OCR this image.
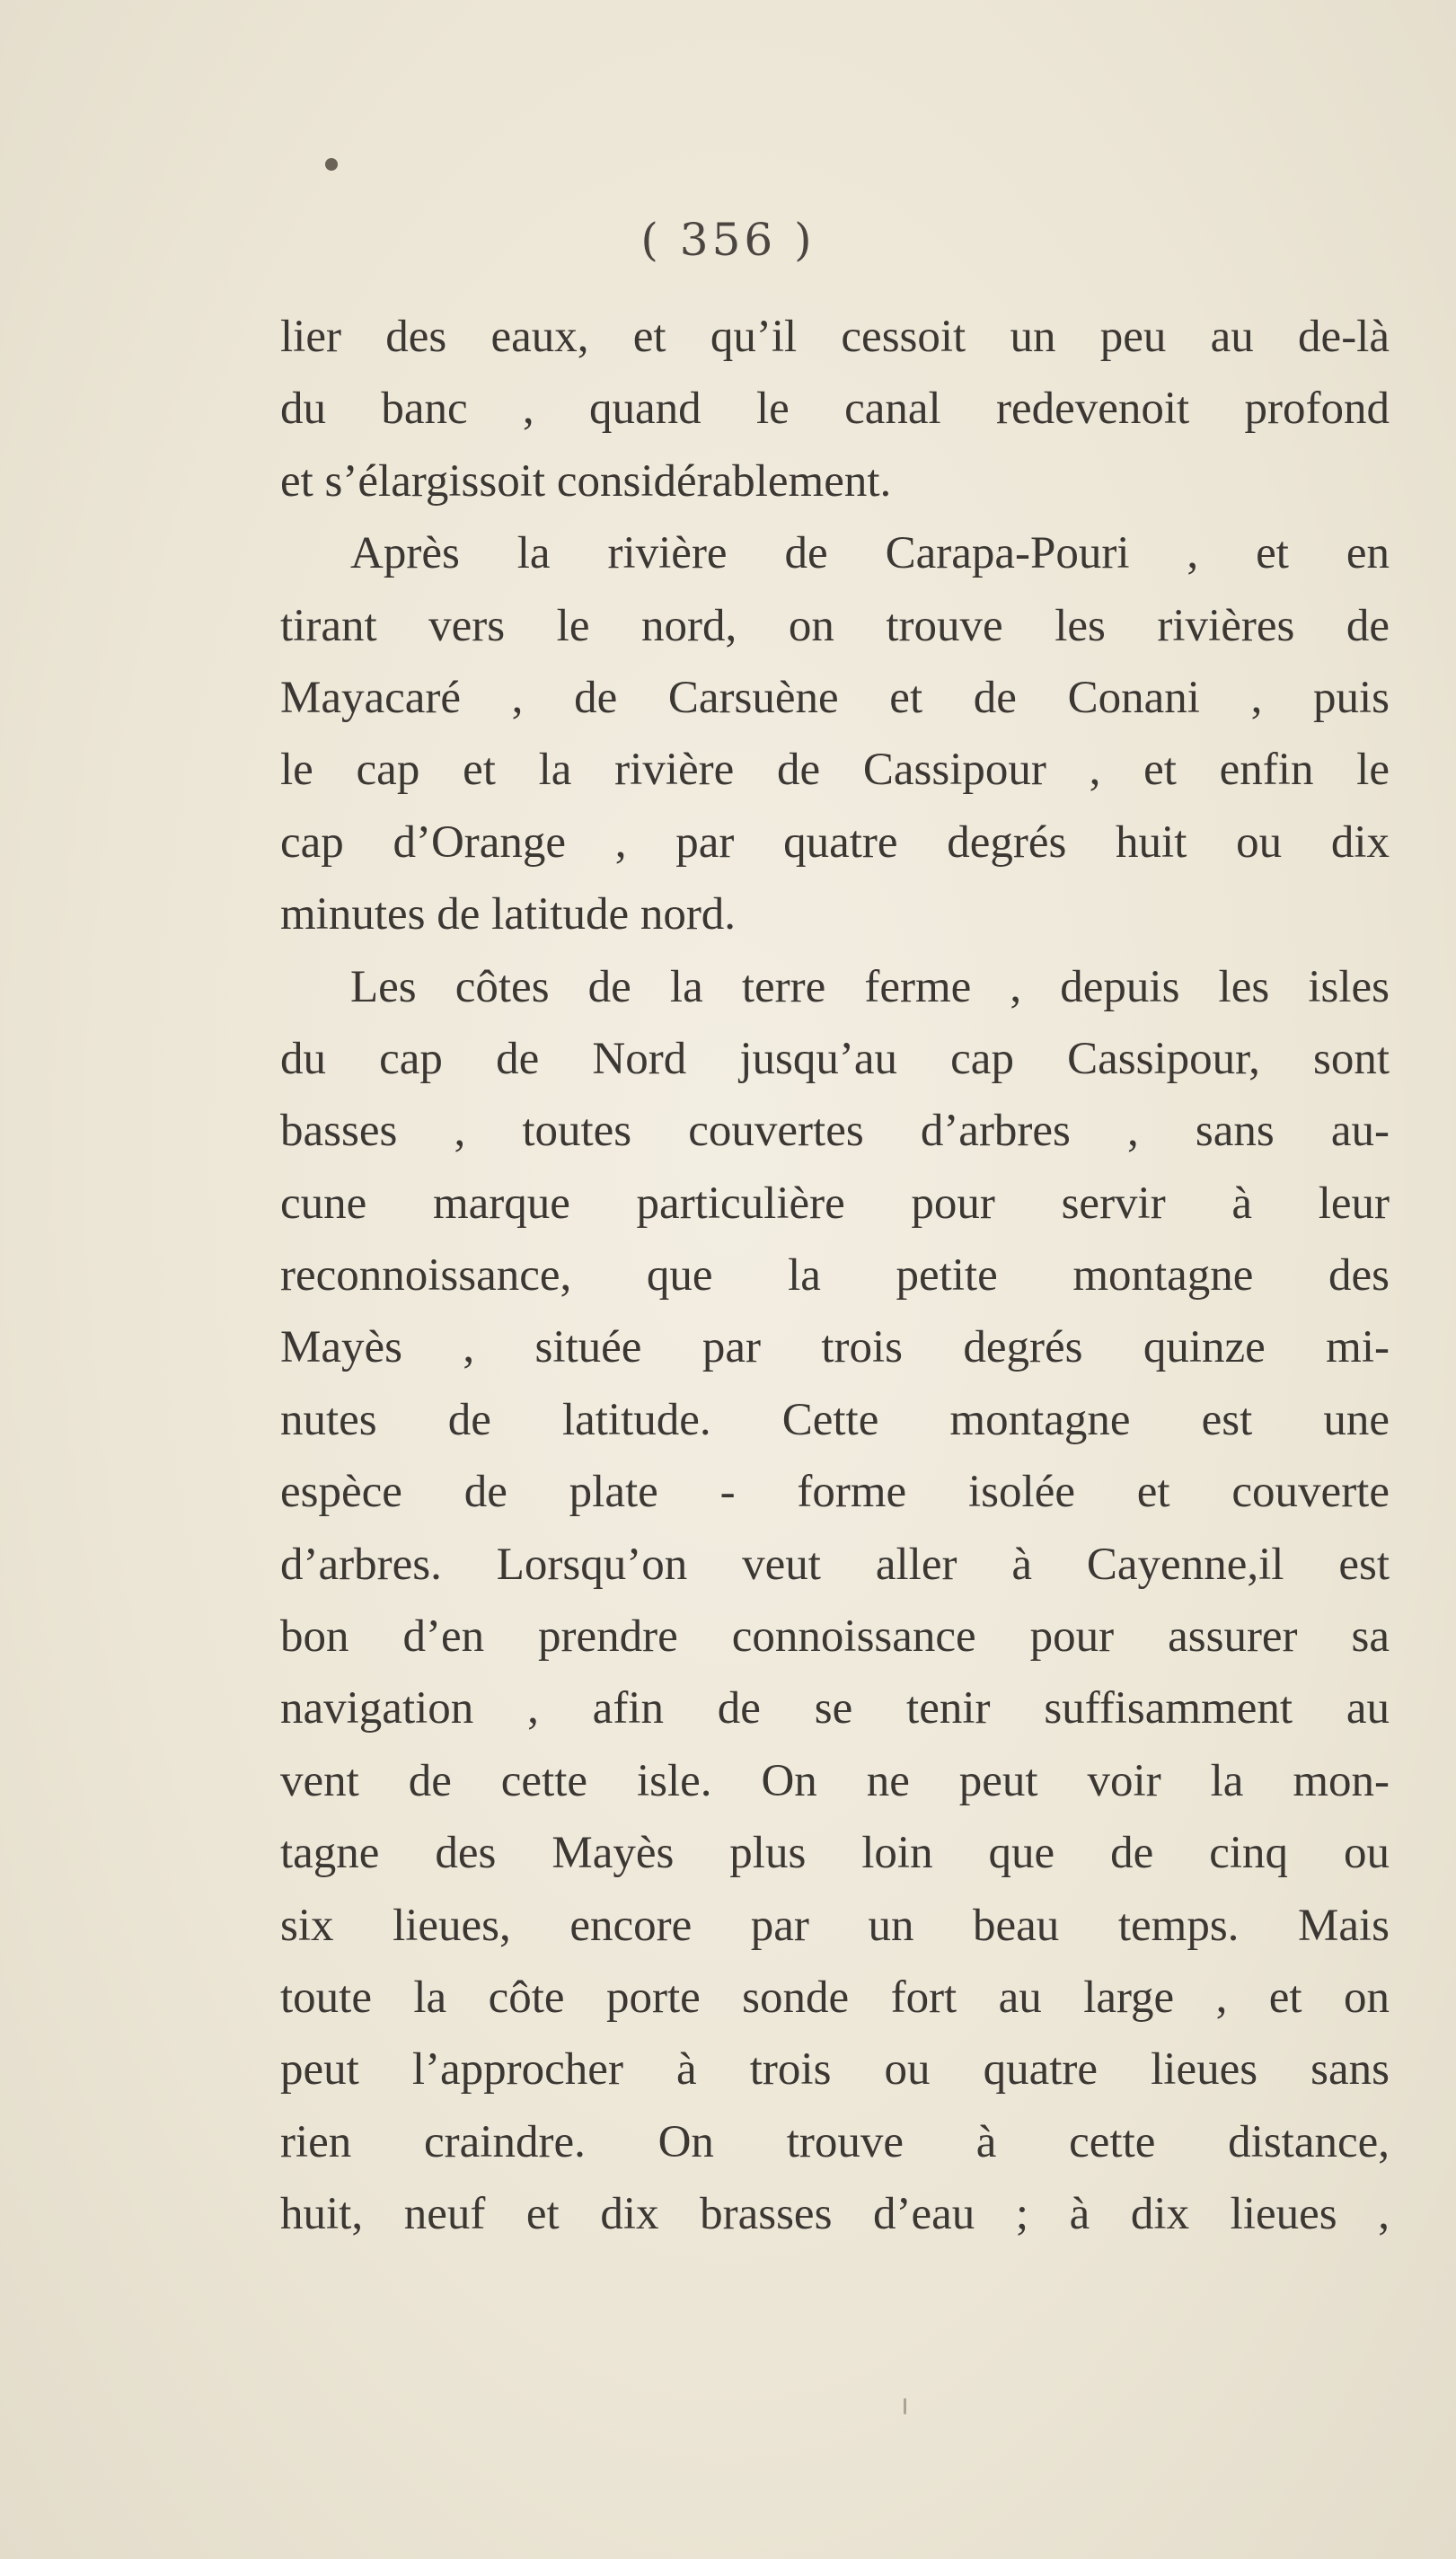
( 356 )
lier des eaux, et qu’il cessoit un peu au de-là
du banc , quand le canal redevenoit profond
et s’élargissoit considérablement.
Après la rivière de Carapa-Pouri , et en
tirant vers le nord, on trouve les rivières de
Mayacaré , de Carsuène et de Conani , puis
le cap et la rivière de Cassipour , et enfin le
cap d’Orange , par quatre degrés huit ou dix
minutes de latitude nord.
Les côtes de la terre ferme , depuis les isles
du cap de Nord jusqu’au cap Cassipour, sont
basses , toutes couvertes d’arbres , sans au-
cune marque particulière pour servir à leur
reconnoissance, que la petite montagne des
Mayès , située par trois degrés quinze mi-
nutes de latitude. Cette montagne est une
espèce de plate - forme isolée et couverte
d’arbres. Lorsqu’on veut aller à Cayenne,il est
bon d’en prendre connoissance pour assurer sa
navigation , afin de se tenir suffisamment au
vent de cette isle. On ne peut voir la mon-
tagne des Mayès plus loin que de cinq ou
six lieues, encore par un beau temps. Mais
toute la côte porte sonde fort au large , et on
peut l’approcher à trois ou quatre lieues sans
rien craindre. On trouve à cette distance,
huit, neuf et dix brasses d’eau ; à dix lieues ,
